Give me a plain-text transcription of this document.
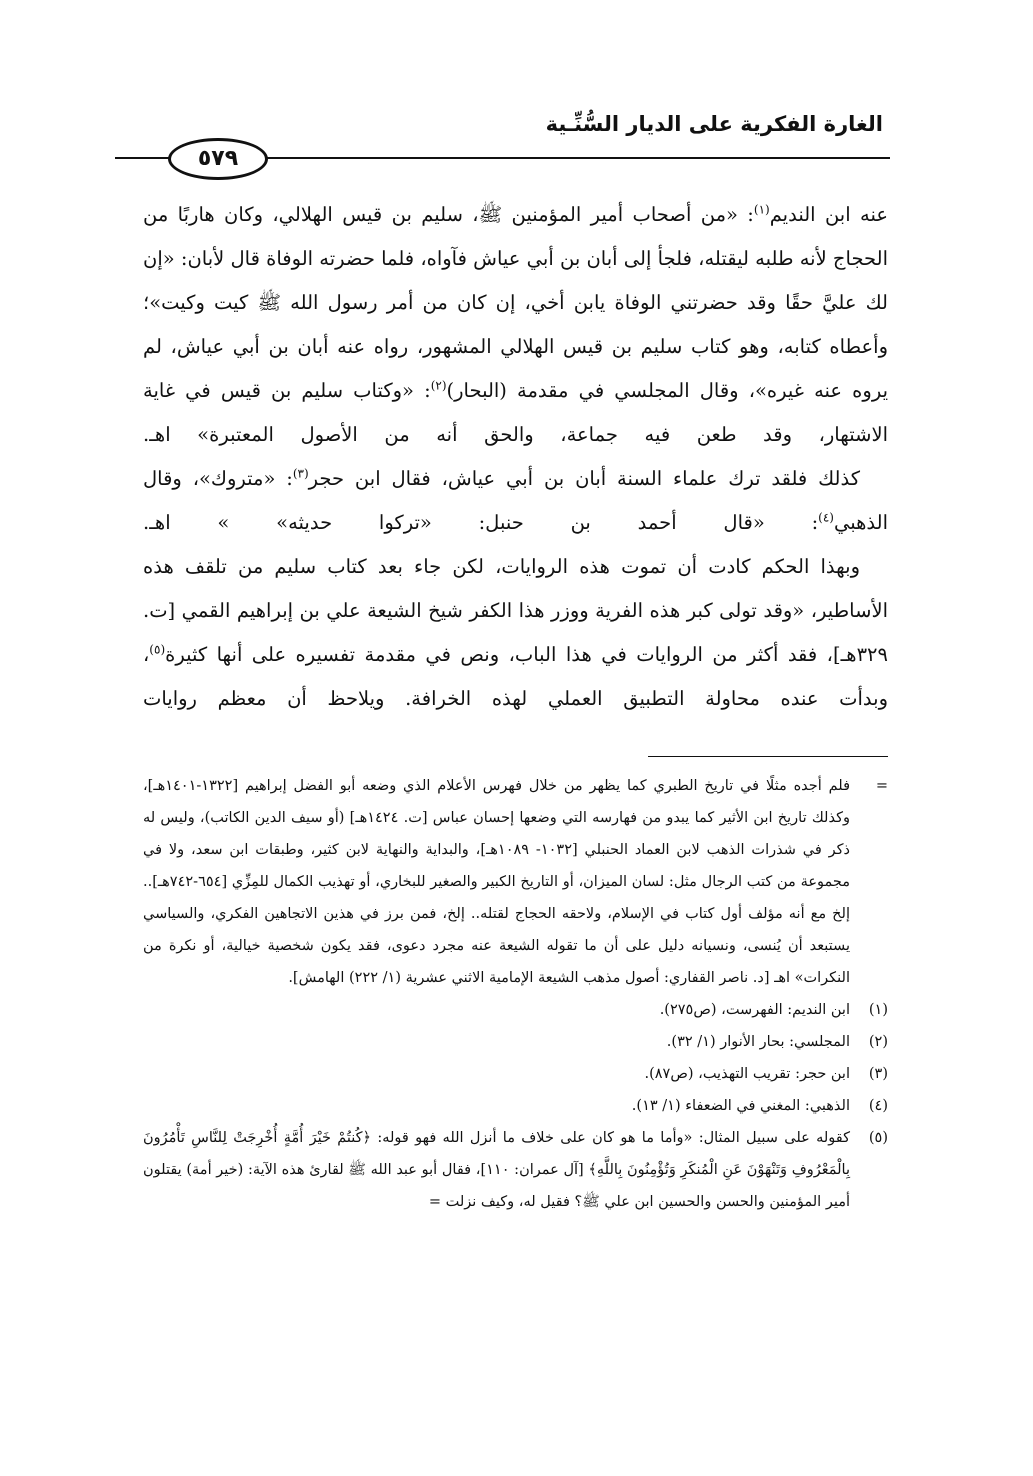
الغارة الفكرية على الديار السُّنِّـية
٥٧٩

عنه ابن النديم$^{(١)}$: «من أصحاب أمير المؤمنين ﷺ، سليم بن قيس الهلالي، وكان هاربًا من الحجاج لأنه طلبه ليقتله، فلجأ إلى أبان بن أبي عياش فآواه، فلما حضرته الوفاة قال لأبان: «إن لك عليَّ حقًا وقد حضرتني الوفاة يابن أخي، إن كان من أمر رسول الله ﷺ كيت وكيت»؛ وأعطاه كتابه، وهو كتاب سليم بن قيس الهلالي المشهور، رواه عنه أبان بن أبي عياش، لم يروه عنه غيره»، وقال المجلسي في مقدمة (البحار)$^{(٢)}$: «وكتاب سليم بن قيس في غاية الاشتهار، وقد طعن فيه جماعة، والحق أنه من الأصول المعتبرة» اهـ.

كذلك فلقد ترك علماء السنة أبان بن أبي عياش، فقال ابن حجر$^{(٣)}$: «متروك»، وقال الذهبي$^{(٤)}$: «قال أحمد بن حنبل: «تركوا حديثه» » اهـ.

وبهذا الحكم كادت أن تموت هذه الروايات، لكن جاء بعد كتاب سليم من تلقف هذه الأساطير، «وقد تولى كبر هذه الفرية ووزر هذا الكفر شيخ الشيعة علي بن إبراهيم القمي [ت. ٣٢٩هـ]، فقد أكثر من الروايات في هذا الباب، ونص في مقدمة تفسيره على أنها كثيرة$^{(٥)}$، وبدأت عنده محاولة التطبيق العملي لهذه الخرافة. ويلاحظ أن معظم روايات

=
فلم أجده مثلًا في تاريخ الطبري كما يظهر من خلال فهرس الأعلام الذي وضعه أبو الفضل إبراهيم [١٣٢٢-١٤٠١هـ]، وكذلك تاريخ ابن الأثير كما يبدو من فهارسه التي وضعها إحسان عباس [ت. ١٤٢٤هـ] (أو سيف الدين الكاتب)، وليس له ذكر في شذرات الذهب لابن العماد الحنبلي [١٠٣٢- ١٠٨٩هـ]، والبداية والنهاية لابن كثير، وطبقات ابن سعد، ولا في مجموعة من كتب الرجال مثل: لسان الميزان، أو التاريخ الكبير والصغير للبخاري، أو تهذيب الكمال للمِزِّي [٦٥٤-٧٤٢هـ].. إلخ مع أنه مؤلف أول كتاب في الإسلام، ولاحقه الحجاج لقتله.. إلخ، فمن برز في هذين الاتجاهين الفكري، والسياسي يستبعد أن يُنسى، ونسيانه دليل على أن ما تقوله الشيعة عنه مجرد دعوى، فقد يكون شخصية خيالية، أو نكرة من النكرات» اهـ [د. ناصر القفاري: أصول مذهب الشيعة الإمامية الاثني عشرية (١/ ٢٢٢) الهامش].
(١)
ابن النديم: الفهرست، (ص٢٧٥).
(٢)
المجلسي: بحار الأنوار (١/ ٣٢).
(٣)
ابن حجر: تقريب التهذيب، (ص٨٧).
(٤)
الذهبي: المغني في الضعفاء (١/ ١٣).
(٥)
كقوله على سبيل المثال: «وأما ما هو كان على خلاف ما أنزل الله فهو قوله: ﴿كُنتُمْ خَيْرَ أُمَّةٍ أُخْرِجَتْ لِلنَّاسِ تَأْمُرُونَ بِالْمَعْرُوفِ وَتَنْهَوْنَ عَنِ الْمُنكَرِ وَتُؤْمِنُونَ بِاللَّهِ﴾ [آل عمران: ١١٠]، فقال أبو عبد الله ﷺ لقارئ هذه الآية: (خير أمة) يقتلون أمير المؤمنين والحسن والحسين ابن علي ﷺ؟ فقيل له، وكيف نزلت =
